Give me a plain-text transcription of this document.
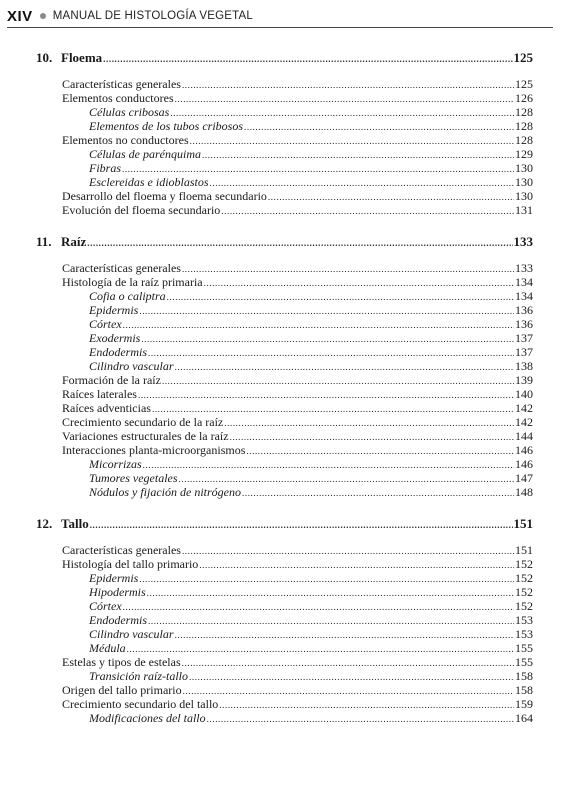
XIV MANUAL DE HISTOLOGÍA VEGETAL
10. Floema .....	125
Características generales .....	125
Elementos conductores .....	126
Células cribosas .....	128
Elementos de los tubos cribosos .....	128
Elementos no conductores .....	128
Células de parénquima .....	129
Fibras .....	130
Esclereidas e idioblastos .....	130
Desarrollo del floema y floema secundario .....	130
Evolución del floema secundario .....	131
11. Raíz .....	133
Características generales .....	133
Histología de la raíz primaria .....	134
Cofia o caliptra .....	134
Epidermis .....	136
Córtex .....	136
Exodermis .....	137
Endodermis .....	137
Cilindro vascular .....	138
Formación de la raíz .....	139
Raíces laterales .....	140
Raíces adventicias .....	142
Crecimiento secundario de la raíz .....	142
Variaciones estructurales de la raíz .....	144
Interacciones planta-microorganismos .....	146
Micorrizas .....	146
Tumores vegetales .....	147
Nódulos y fijación de nitrógeno .....	148
12. Tallo .....	151
Características generales .....	151
Histología del tallo primario .....	152
Epidermis .....	152
Hipodermis .....	152
Córtex .....	152
Endodermis .....	153
Cilindro vascular .....	153
Médula .....	155
Estelas y tipos de estelas .....	155
Transición raíz-tallo .....	158
Origen del tallo primario .....	158
Crecimiento secundario del tallo .....	159
Modificaciones del tallo .....	164
